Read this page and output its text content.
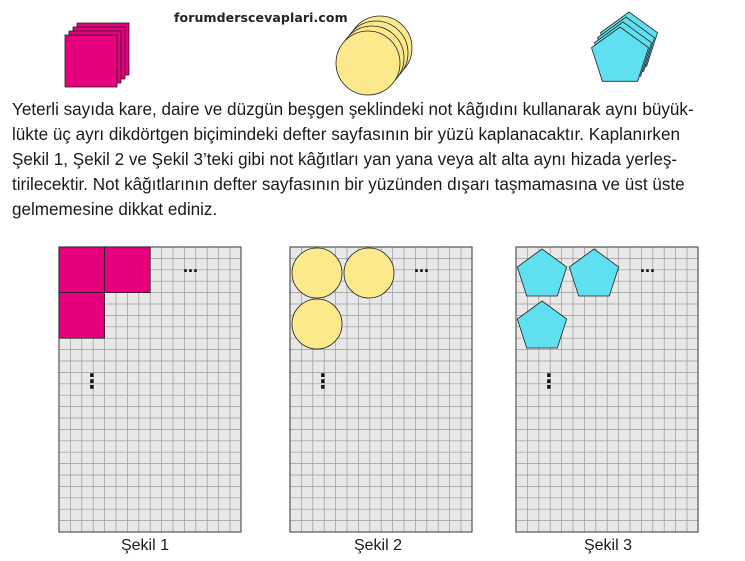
forumderscevaplari.com

Yeterli sayıda kare, daire ve düzgün beşgen şeklindeki not kâğıdını kullanarak aynı büyük-
lükte üç ayrı dikdörtgen biçimindeki defter sayfasının bir yüzü kaplanacaktır. Kaplanırken
Şekil 1, Şekil 2 ve Şekil 3’teki gibi not kâğıtları yan yana veya alt alta aynı hizada yerleş-
tirilecektir. Not kâğıtlarının defter sayfasının bir yüzünden dışarı taşmamasına ve üst üste
gelmemesine dikkat ediniz.

...
⋮
...
⋮
...
⋮
Şekil 1	Şekil 2	Şekil 3
